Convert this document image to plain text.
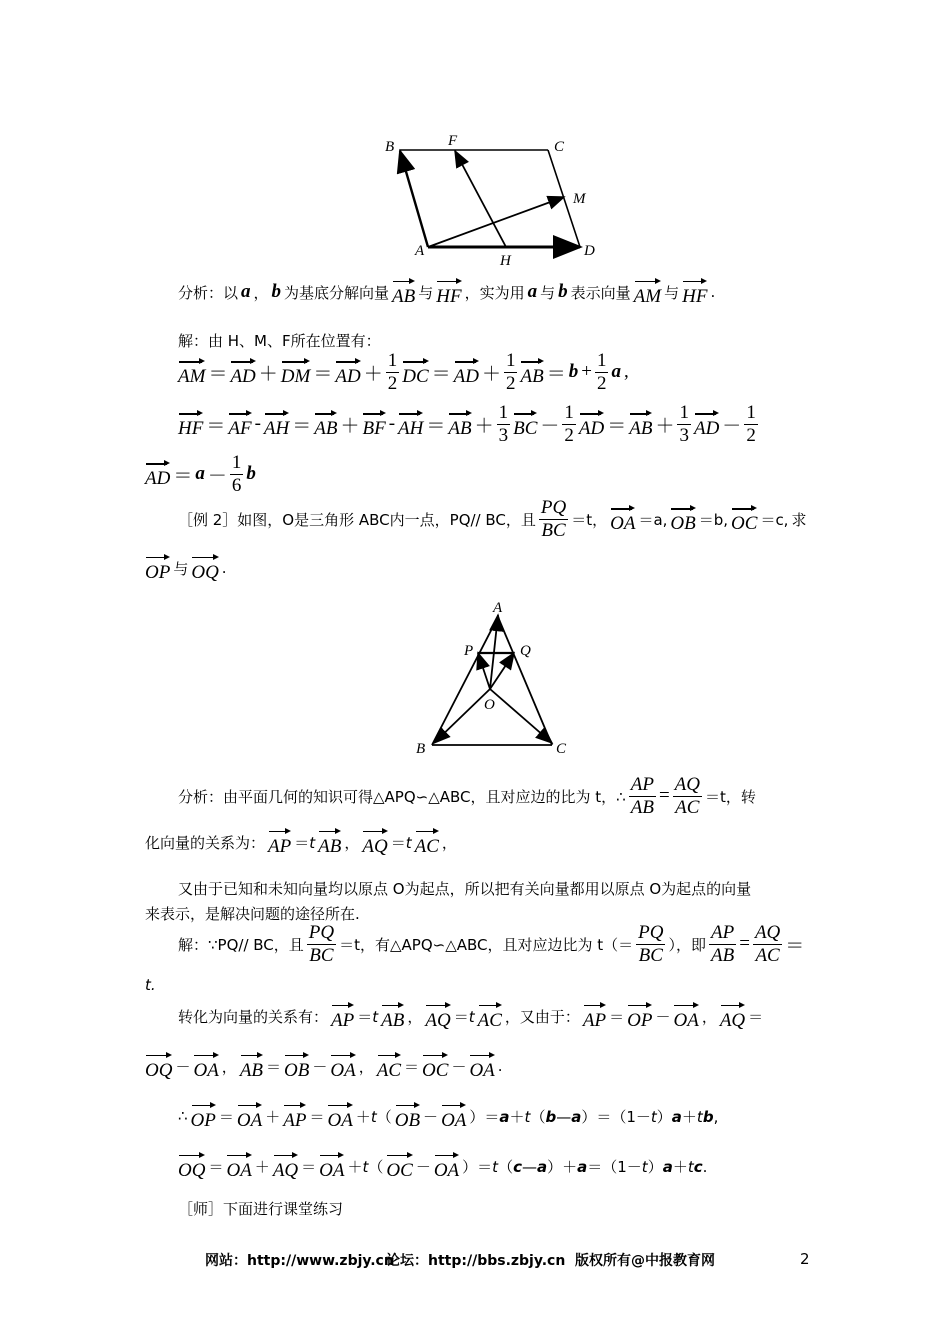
B	F	C
M
A
H
D
分析：以 a ， b 为基底分解向量 AB 与 HF ，实为用 a 与 b 表示向量 AM 与 HF .
解：由 H、M、F所在位置有：
AM ＝ AD ＋ DM ＝ AD ＋ $\frac{1}{2}$ DC ＝ AD ＋ $\frac{1}{2}$ AB ＝ $b + \frac{1}{2}$ a ,
HF ＝ AF - AH ＝ AB ＋ BF - AH ＝ AB ＋ $\frac{1}{3}$ BC － $\frac{1}{2}$ AD ＝ AB ＋ $\frac{1}{3}$ AD － $\frac{1}{2}$
AD ＝ $a - \frac{1}{6}$ b
［例 2］如图，O是三角形 ABC内一点，PQ// BC，且 $\frac{PQ}{BC} =t$， OA ＝a, OB ＝b, OC ＝c, 求
OP 与 OQ .
A
P	Q
O
B	C
分析：由平面几何的知识可得△APQ∽△ABC，且对应边的比为 t，∴ $\frac{AP}{AB} = \frac{AQ}{AC} =t$，转
化向量的关系为： AP ＝t AB ， AQ ＝t AC ，
又由于已知和未知向量均以原点 O为起点，所以把有关向量都用以原点 O为起点的向量
来表示，是解决问题的途径所在.
解：∵PQ// BC，且 $\frac{PQ}{BC} =t$，有△APQ∽△ABC，且对应边比为 $t(= \frac{PQ}{BC}$ ），即 $\frac{AP}{AB} = \frac{AQ}{AC}$ ＝
t.
转化为向量的关系有： AP ＝t AB ， AQ ＝t AC ，又由于： AP ＝ OP － OA ， AQ ＝
OQ － OA ， AB ＝ OB － OA ， AC ＝ OC － OA .
∴ OP ＝ OA ＋ AP ＝ OA ＋t（ OB － OA ）＝a＋t（b—a）＝（1－t）a＋tb,
OQ ＝ OA ＋ AQ ＝ OA ＋t（ OC － OA ）＝t（c—a）＋a＝（1－t）a＋tc.
［师］下面进行课堂练习
网站：http://www.zbjy.cn
论坛：http://bbs.zbjy.cn 版权所有@中报教育网	2
